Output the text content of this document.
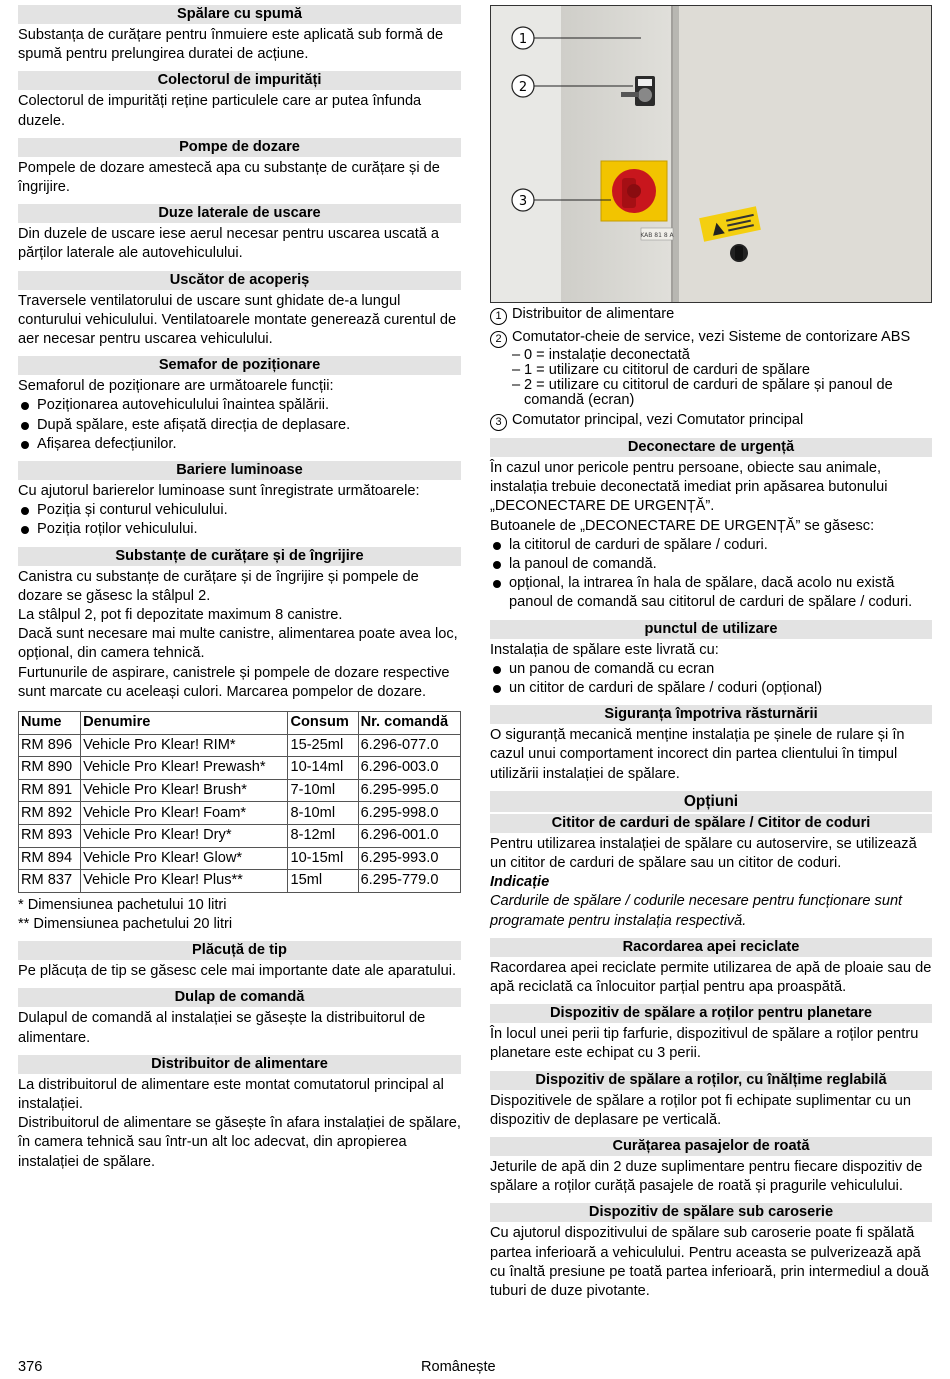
Spălare cu spumă
Substanța de curățare pentru înmuiere este aplicată sub formă de spumă pentru prelungirea duratei de acțiune.
Colectorul de impurități
Colectorul de impurități reține particulele care ar putea înfunda duzele.
Pompe de dozare
Pompele de dozare amestecă apa cu substanțe de curățare și de îngrijire.
Duze laterale de uscare
Din duzele de uscare iese aerul necesar pentru uscarea uscată a părților laterale ale autovehiculului.
Uscător de acoperiș
Traversele ventilatorului de uscare sunt ghidate de-a lungul conturului vehiculului. Ventilatoarele montate generează curentul de aer necesar pentru uscarea vehiculului.
Semafor de poziționare
Semaforul de poziționare are următoarele funcții:
Poziționarea autovehiculului înaintea spălării.
După spălare, este afișată direcția de deplasare.
Afișarea defecțiunilor.
Bariere luminoase
Cu ajutorul barierelor luminoase sunt înregistrate următoarele:
Poziția și conturul vehiculului.
Poziția roților vehiculului.
Substanțe de curățare și de îngrijire
Canistra cu substanțe de curățare și de îngrijire și pompele de dozare se găsesc la stâlpul 2.
La stâlpul 2, pot fi depozitate maximum 8 canistre.
Dacă sunt necesare mai multe canistre, alimentarea poate avea loc, opțional, din camera tehnică.
Furtunurile de aspirare, canistrele și pompele de dozare respective sunt marcate cu aceleași culori. Marcarea pompelor de dozare.
Nume	Denumire	Consum	Nr. comandă
RM 896	Vehicle Pro Klear! RIM*	15-25ml	6.296-077.0
RM 890	Vehicle Pro Klear! Prewash*	10-14ml	6.296-003.0
RM 891	Vehicle Pro Klear! Brush*	7-10ml	6.295-995.0
RM 892	Vehicle Pro Klear! Foam*	8-10ml	6.295-998.0
RM 893	Vehicle Pro Klear! Dry*	8-12ml	6.296-001.0
RM 894	Vehicle Pro Klear! Glow*	10-15ml	6.295-993.0
RM 837	Vehicle Pro Klear! Plus**	15ml	6.295-779.0
* Dimensiunea pachetului 10 litri
** Dimensiunea pachetului 20 litri
Plăcuță de tip
Pe plăcuța de tip se găsesc cele mai importante date ale aparatului.
Dulap de comandă
Dulapul de comandă al instalației se găsește la distribuitorul de alimentare.
Distribuitor de alimentare
La distribuitorul de alimentare este montat comutatorul principal al instalației.
Distribuitorul de alimentare se găsește în afara instalației de spălare, în camera tehnică sau într-un alt loc adecvat, din apropierea instalației de spălare.
KAB 81 8 A
1
2
3
1 Distribuitor de alimentare
2 Comutator-cheie de service, vezi Sisteme de contorizare ABS
– 0 = instalație deconectată
– 1 = utilizare cu cititorul de carduri de spălare
– 2 = utilizare cu cititorul de carduri de spălare și panoul de comandă (ecran)
3 Comutator principal, vezi Comutator principal
Deconectare de urgență
În cazul unor pericole pentru persoane, obiecte sau animale, instalația trebuie deconectată imediat prin apăsarea butonului „DECONECTARE DE URGENȚĂ”.
Butoanele de „DECONECTARE DE URGENȚĂ” se găsesc:
la cititorul de carduri de spălare / coduri.
la panoul de comandă.
opțional, la intrarea în hala de spălare, dacă acolo nu există panoul de comandă sau cititorul de carduri de spălare / coduri.
punctul de utilizare
Instalația de spălare este livrată cu:
un panou de comandă cu ecran
un cititor de carduri de spălare / coduri (opțional)
Siguranța împotriva răsturnării
O siguranță mecanică menține instalația pe șinele de rulare și în cazul unui comportament incorect din partea clientului în timpul utilizării instalației de spălare.
Opțiuni
Cititor de carduri de spălare / Cititor de coduri
Pentru utilizarea instalației de spălare cu autoservire, se utilizează un cititor de carduri de spălare sau un cititor de coduri.
Indicație
Cardurile de spălare / codurile necesare pentru funcționare sunt programate pentru instalația respectivă.
Racordarea apei reciclate
Racordarea apei reciclate permite utilizarea de apă de ploaie sau de apă reciclată ca înlocuitor parțial pentru apa proaspătă.
Dispozitiv de spălare a roților pentru planetare
În locul unei perii tip farfurie, dispozitivul de spălare a roților pentru planetare este echipat cu 3 perii.
Dispozitiv de spălare a roților, cu înălțime reglabilă
Dispozitivele de spălare a roților pot fi echipate suplimentar cu un dispozitiv de deplasare pe verticală.
Curățarea pasajelor de roată
Jeturile de apă din 2 duze suplimentare pentru fiecare dispozitiv de spălare a roților curăță pasajele de roată și pragurile vehiculului.
Dispozitiv de spălare sub caroserie
Cu ajutorul dispozitivului de spălare sub caroserie poate fi spălată partea inferioară a vehiculului. Pentru aceasta se pulverizează apă cu înaltă presiune pe toată partea inferioară, prin intermediul a două tuburi de duze pivotante.
376	Românește
